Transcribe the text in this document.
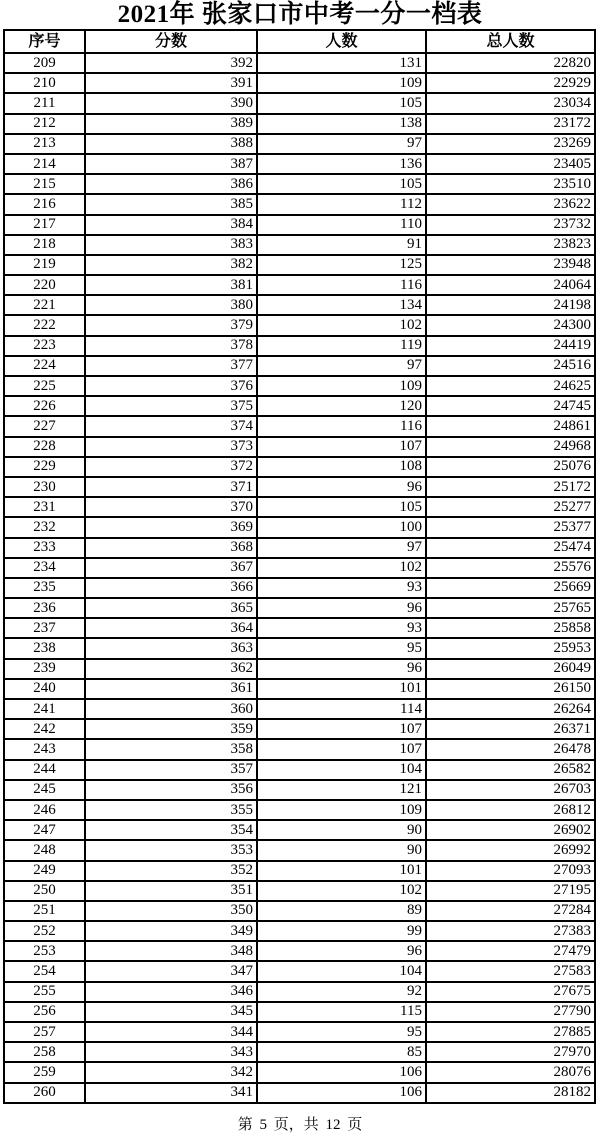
2021年 张家口市中考一分一档表
序号	分数	人数	总人数
209	392	131	22820
210	391	109	22929
211	390	105	23034
212	389	138	23172
213	388	97	23269
214	387	136	23405
215	386	105	23510
216	385	112	23622
217	384	110	23732
218	383	91	23823
219	382	125	23948
220	381	116	24064
221	380	134	24198
222	379	102	24300
223	378	119	24419
224	377	97	24516
225	376	109	24625
226	375	120	24745
227	374	116	24861
228	373	107	24968
229	372	108	25076
230	371	96	25172
231	370	105	25277
232	369	100	25377
233	368	97	25474
234	367	102	25576
235	366	93	25669
236	365	96	25765
237	364	93	25858
238	363	95	25953
239	362	96	26049
240	361	101	26150
241	360	114	26264
242	359	107	26371
243	358	107	26478
244	357	104	26582
245	356	121	26703
246	355	109	26812
247	354	90	26902
248	353	90	26992
249	352	101	27093
250	351	102	27195
251	350	89	27284
252	349	99	27383
253	348	96	27479
254	347	104	27583
255	346	92	27675
256	345	115	27790
257	344	95	27885
258	343	85	27970
259	342	106	28076
260	341	106	28182
第 5 页，共 12 页
